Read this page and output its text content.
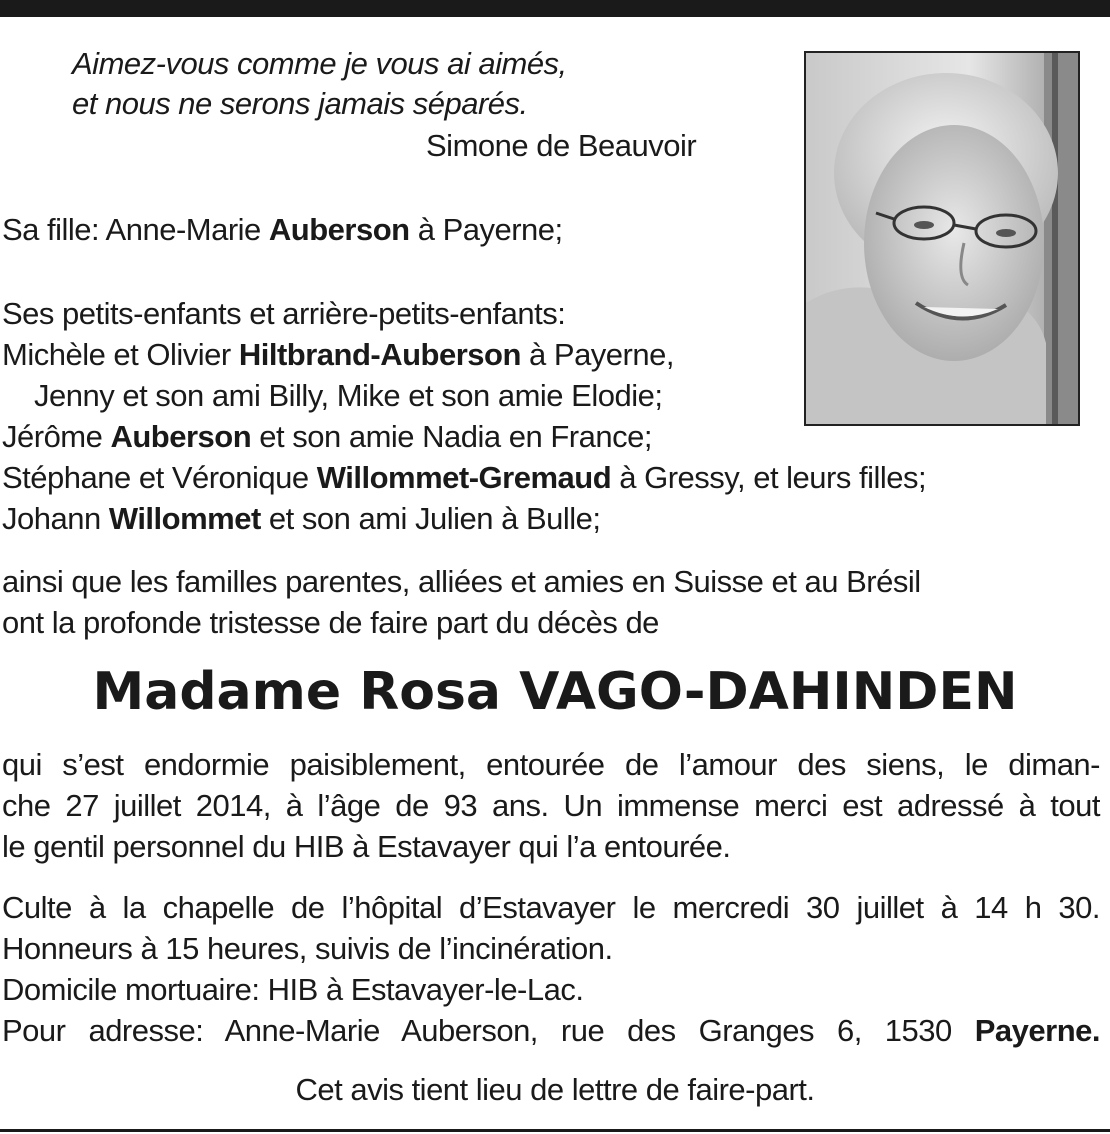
Aimez-vous comme je vous ai aimés,
et nous ne serons jamais séparés.
Simone de Beauvoir
Sa fille: Anne-Marie Auberson à Payerne;
Ses petits-enfants et arrière-petits-enfants:
Michèle et Olivier Hiltbrand-Auberson à Payerne,
Jenny et son ami Billy, Mike et son amie Elodie;
Jérôme Auberson et son amie Nadia en France;
Stéphane et Véronique Willommet-Gremaud à Gressy, et leurs filles;
Johann Willommet et son ami Julien à Bulle;
ainsi que les familles parentes, alliées et amies en Suisse et au Brésil
ont la profonde tristesse de faire part du décès de
Madame Rosa VAGO-DAHINDEN
qui s’est endormie paisiblement, entourée de l’amour des siens, le diman-
che 27 juillet 2014, à l’âge de 93 ans. Un immense merci est adressé à tout
le gentil personnel du HIB à Estavayer qui l’a entourée.
Culte à la chapelle de l’hôpital d’Estavayer le mercredi 30 juillet à 14 h 30.
Honneurs à 15 heures, suivis de l’incinération.
Domicile mortuaire: HIB à Estavayer-le-Lac.
Pour adresse: Anne-Marie Auberson, rue des Granges 6, 1530 Payerne.
Cet avis tient lieu de lettre de faire-part.
